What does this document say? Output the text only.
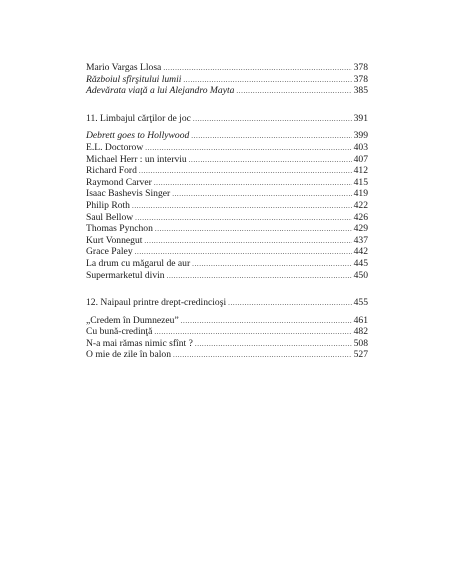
Mario Vargas Llosa .....	378
Războiul sfîrşitului lumii .....	378
Adevărata viaţă a lui Alejandro Mayta .....	385
11. Limbajul cărţilor de joc .....	391
Debrett goes to Hollywood .....	399
E.L. Doctorow .....	403
Michael Herr : un interviu .....	407
Richard Ford .....	412
Raymond Carver .....	415
Isaac Bashevis Singer .....	419
Philip Roth .....	422
Saul Bellow .....	426
Thomas Pynchon .....	429
Kurt Vonnegut .....	437
Grace Paley .....	442
La drum cu măgarul de aur .....	445
Supermarketul divin .....	450
12. Naipaul printre drept-credincioşi .....	455
„Credem în Dumnezeu” .....	461
Cu bună-credinţă .....	482
N-a mai rămas nimic sfînt ? .....	508
O mie de zile în balon .....	527
